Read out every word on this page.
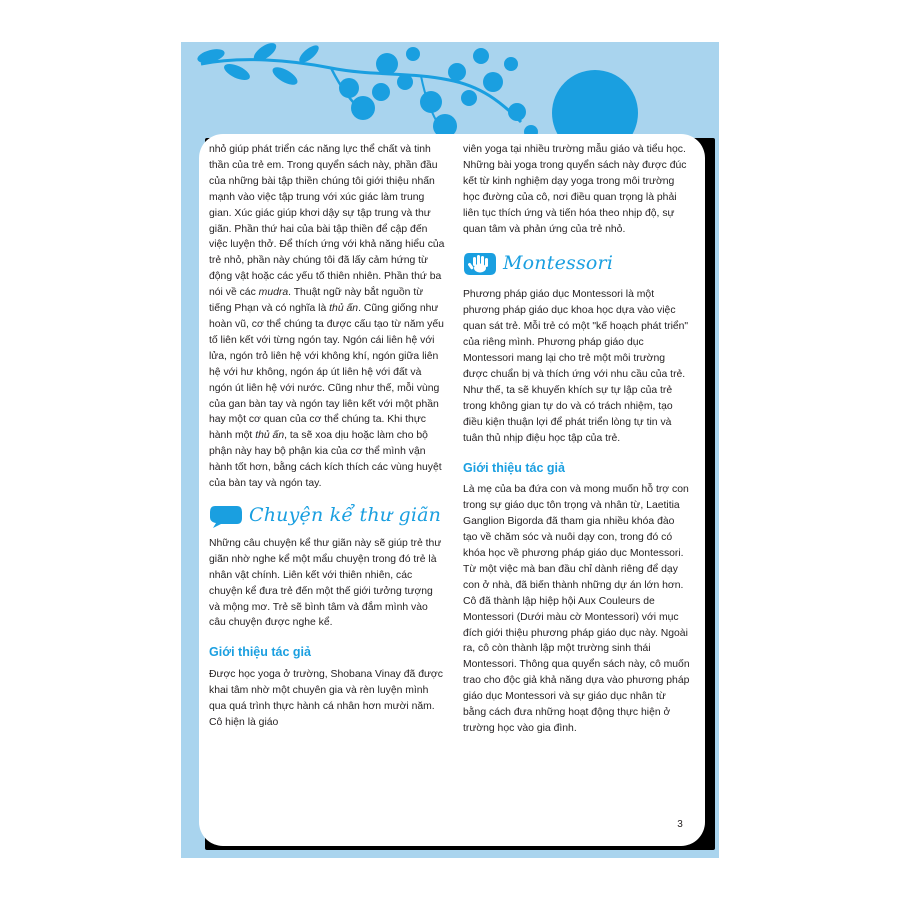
nhỏ giúp phát triển các năng lực thể chất và tinh thần của trẻ em. Trong quyển sách này, phần đầu của những bài tập thiền chúng tôi giới thiệu nhấn mạnh vào việc tập trung với xúc giác làm trung gian. Xúc giác giúp khơi dậy sự tập trung và thư giãn. Phần thứ hai của bài tập thiền để cập đến việc luyện thở. Để thích ứng với khả năng hiểu của trẻ nhỏ, phần này chúng tôi đã lấy cảm hứng từ động vật hoặc các yếu tố thiên nhiên. Phần thứ ba nói về các mudra. Thuật ngữ này bắt nguồn từ tiếng Phạn và có nghĩa là thủ ấn. Cũng giống như hoàn vũ, cơ thể chúng ta được cấu tạo từ năm yếu tố liên kết với từng ngón tay. Ngón cái liên hệ với lửa, ngón trỏ liên hệ với không khí, ngón giữa liên hệ với hư không, ngón áp út liên hệ với đất và ngón út liên hệ với nước. Cũng như thế, mỗi vùng của gan bàn tay và ngón tay liên kết với một phần hay một cơ quan của cơ thể chúng ta. Khi thực hành một thủ ấn, ta sẽ xoa dịu hoặc làm cho bộ phận này hay bộ phận kia của cơ thể mình vận hành tốt hơn, bằng cách kích thích các vùng huyệt của bàn tay và ngón tay.

Chuyện kể thư giãn

Những câu chuyện kể thư giãn này sẽ giúp trẻ thư giãn nhờ nghe kể một mẩu chuyện trong đó trẻ là nhân vật chính. Liên kết với thiên nhiên, các chuyện kể đưa trẻ đến một thế giới tưởng tượng và mộng mơ. Trẻ sẽ bình tâm và đắm mình vào câu chuyện được nghe kể.

Giới thiệu tác giả

Được học yoga ở trường, Shobana Vinay đã được khai tâm nhờ một chuyên gia và rèn luyện mình qua quá trình thực hành cá nhân hơn mười năm. Cô hiện là giáo

viên yoga tại nhiều trường mẫu giáo và tiểu học. Những bài yoga trong quyển sách này được đúc kết từ kinh nghiệm dạy yoga trong môi trường học đường của cô, nơi điều quan trọng là phải liên tục thích ứng và tiến hóa theo nhịp độ, sự quan tâm và phản ứng của trẻ nhỏ.

Montessori

Phương pháp giáo dục Montessori là một phương pháp giáo dục khoa học dựa vào việc quan sát trẻ. Mỗi trẻ có một "kế hoạch phát triển" của riêng mình. Phương pháp giáo dục Montessori mang lại cho trẻ một môi trường được chuẩn bị và thích ứng với nhu cầu của trẻ. Như thế, ta sẽ khuyến khích sự tự lập của trẻ trong không gian tự do và có trách nhiệm, tạo điều kiện thuận lợi để phát triển lòng tự tin và tuân thủ nhịp điệu học tập của trẻ.

Giới thiệu tác giả

Là mẹ của ba đứa con và mong muốn hỗ trợ con trong sự giáo dục tôn trọng và nhân từ, Laetitia Ganglion Bigorda đã tham gia nhiều khóa đào tạo về chăm sóc và nuôi dạy con, trong đó có khóa học về phương pháp giáo dục Montessori. Từ một việc mà ban đầu chỉ dành riêng để dạy con ở nhà, đã biến thành những dự án lớn hơn. Cô đã thành lập hiệp hội Aux Couleurs de Montessori (Dưới màu cờ Montessori) với mục đích giới thiệu phương pháp giáo dục này. Ngoài ra, cô còn thành lập một trường sinh thái Montessori. Thông qua quyển sách này, cô muốn trao cho độc giả khả năng dựa vào phương pháp giáo dục Montessori và sự giáo dục nhân từ bằng cách đưa những hoạt động thực hiện ở trường học vào gia đình.

3
